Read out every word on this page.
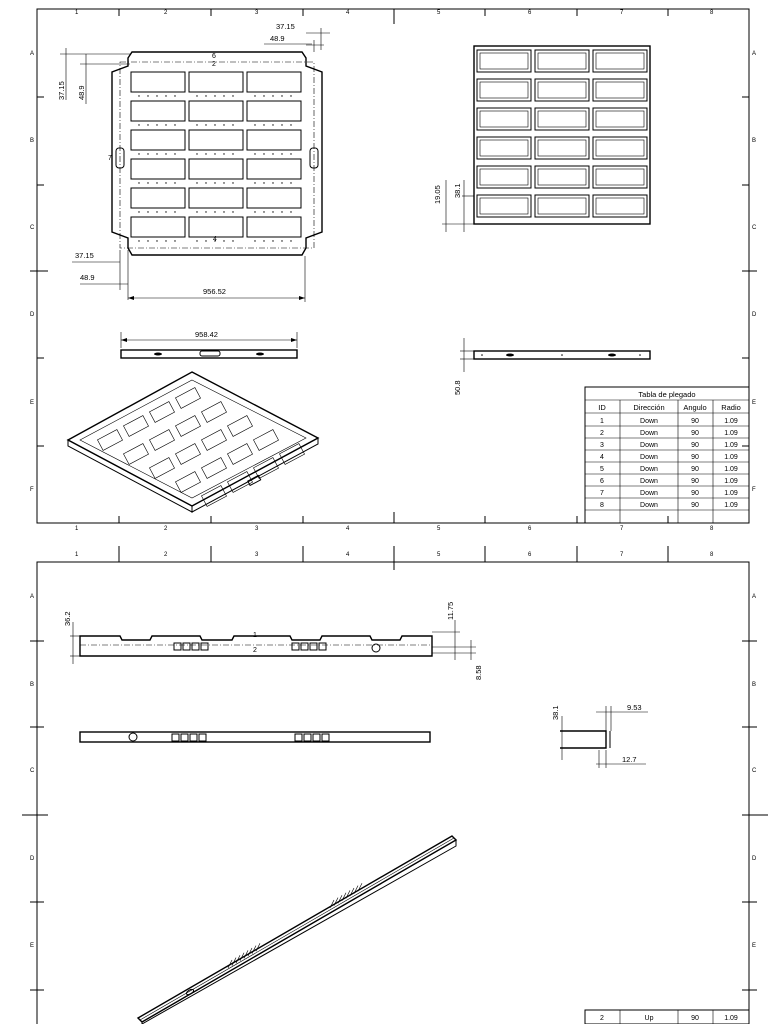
1	2	3	4	5	6	7	8
1	2	3	4	5	6	7	8
A
B
C
D
E
F
A
B
C
D
E
F
6
2
4
7
37.15
48.9
37.15 48.9
37.15
48.9
956.52
19.05 38.1
958.42
50.8	Tabla de plegado
ID	Dirección Angulo Radio
1	Down	90	1.09
2	Down	90	1.09
3	Down	90	1.09
4	Down	90	1.09
5	Down	90	1.09
6	Down	90	1.09
7	Down	90	1.09
8	Down	90	1.09
1	2	3	4	5	6	7	8
A
B
C
D
E
A
B
C
D
E
1
2
36.2	11.75
8.58
38.1	9.53
12.7
2	Up	90	1.09
